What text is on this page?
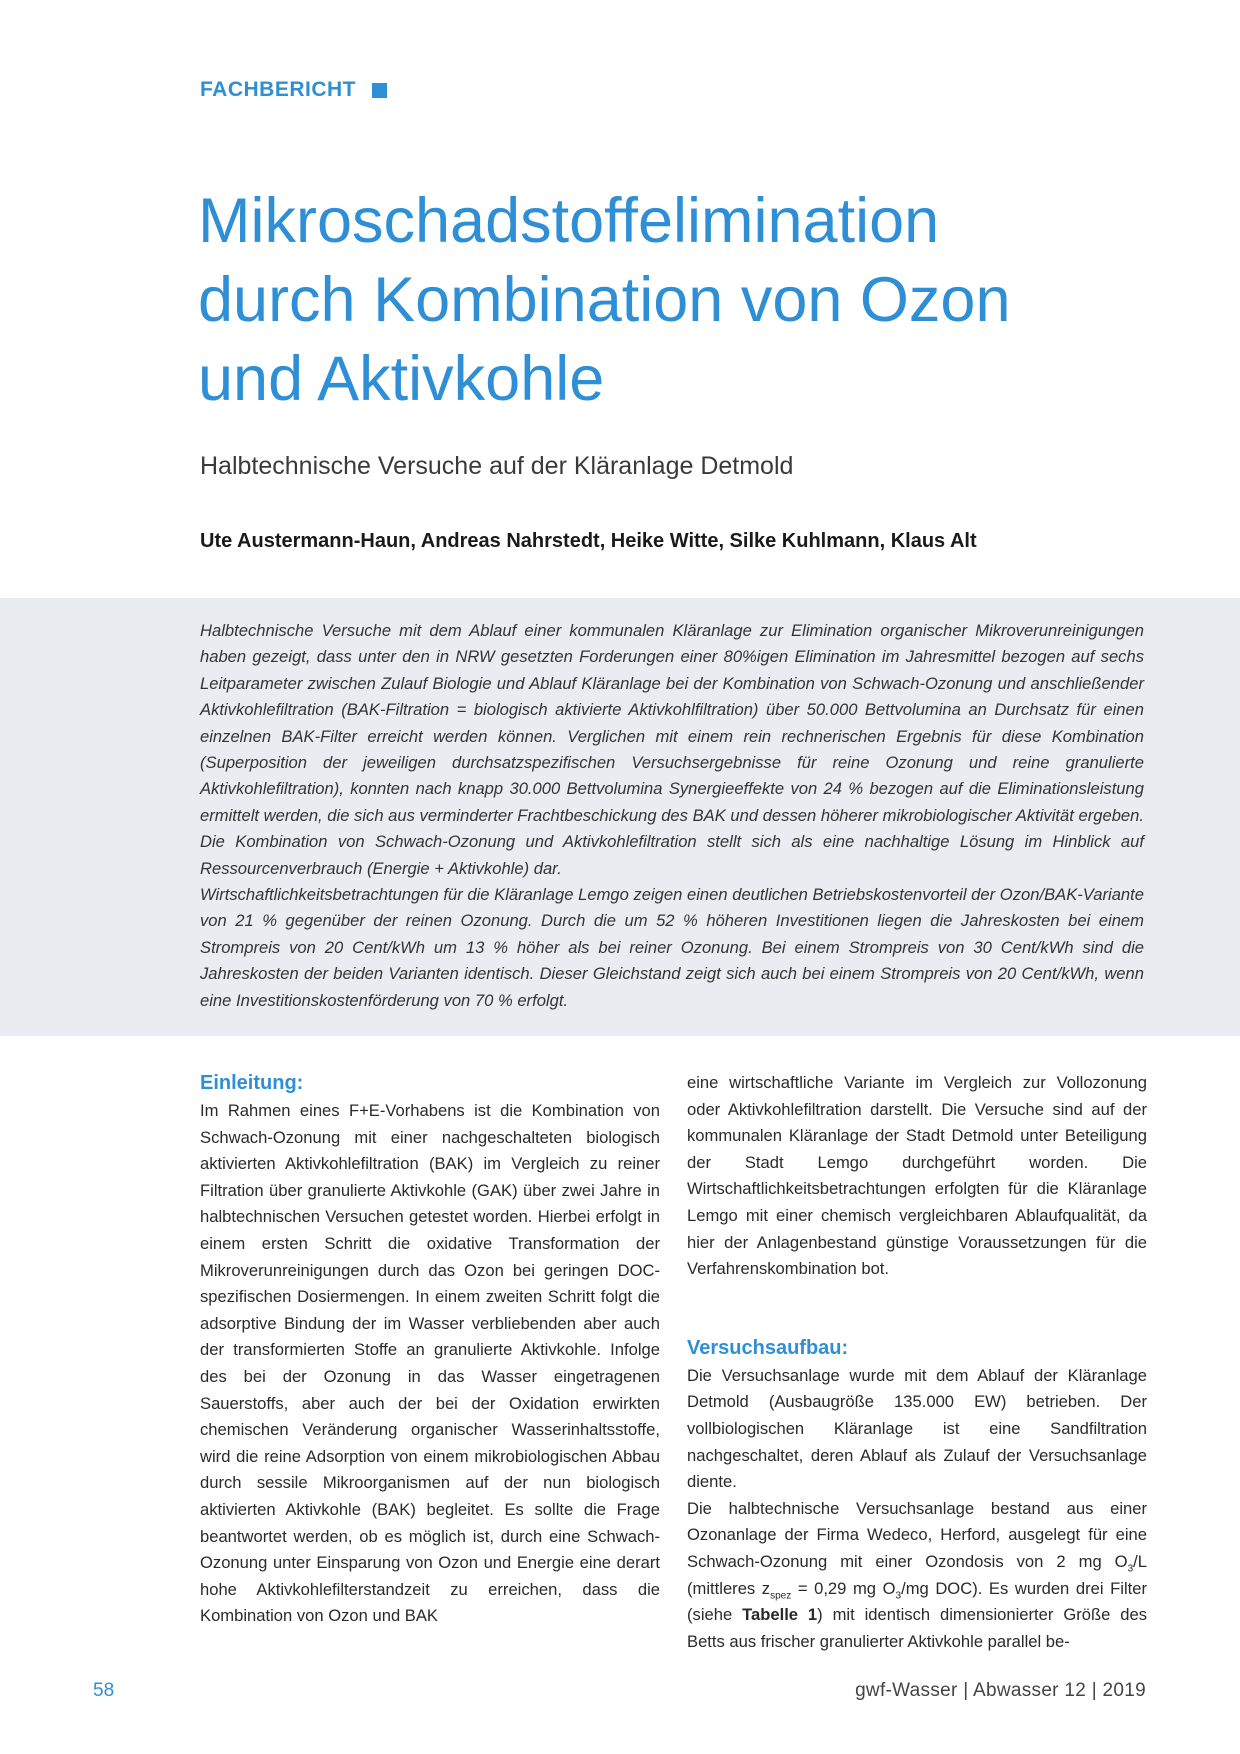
FACHBERICHT
Mikroschadstoffelimination
durch Kombination von Ozon
und Aktivkohle
Halbtechnische Versuche auf der Kläranlage Detmold

Ute Austermann-Haun, Andreas Nahrstedt, Heike Witte, Silke Kuhlmann, Klaus Alt

Halbtechnische Versuche mit dem Ablauf einer kommunalen Kläranlage zur Elimination organischer Mikroverunreinigungen haben gezeigt, dass unter den in NRW gesetzten Forderungen einer 80%igen Elimination im Jahresmittel bezogen auf sechs Leitparameter zwischen Zulauf Biologie und Ablauf Kläranlage bei der Kombination von Schwach-Ozonung und anschließender Aktivkohlefiltration (BAK-Filtration = biologisch aktivierte Aktivkohlfiltration) über 50.000 Bettvolumina an Durchsatz für einen einzelnen BAK-Filter erreicht werden können. Verglichen mit einem rein rechnerischen Ergebnis für diese Kombination (Superposition der jeweiligen durchsatzspezifischen Versuchsergebnisse für reine Ozonung und reine granulierte Aktivkohlefiltration), konnten nach knapp 30.000 Bettvolumina Synergieeffekte von 24 % bezogen auf die Eliminationsleistung ermittelt werden, die sich aus verminderter Frachtbeschickung des BAK und dessen höherer mikrobiologischer Aktivität ergeben. Die Kombination von Schwach-Ozonung und Aktivkohlefiltration stellt sich als eine nachhaltige Lösung im Hinblick auf Ressourcenverbrauch (Energie + Aktivkohle) dar.

Wirtschaftlichkeitsbetrachtungen für die Kläranlage Lemgo zeigen einen deutlichen Betriebskostenvorteil der Ozon/BAK-Variante von 21 % gegenüber der reinen Ozonung. Durch die um 52 % höheren Investitionen liegen die Jahreskosten bei einem Strompreis von 20 Cent/kWh um 13 % höher als bei reiner Ozonung. Bei einem Strompreis von 30 Cent/kWh sind die Jahreskosten der beiden Varianten identisch. Dieser Gleichstand zeigt sich auch bei einem Strompreis von 20 Cent/kWh, wenn eine Investitionskostenförderung von 70 % erfolgt.

Einleitung:

Im Rahmen eines F+E-Vorhabens ist die Kombination von Schwach-Ozonung mit einer nachgeschalteten biologisch aktivierten Aktivkohlefiltration (BAK) im Vergleich zu reiner Filtration über granulierte Aktivkohle (GAK) über zwei Jahre in halbtechnischen Versuchen getestet worden. Hierbei erfolgt in einem ersten Schritt die oxidative Transformation der Mikroverunreinigungen durch das Ozon bei geringen DOC-spezifischen Dosiermengen. In einem zweiten Schritt folgt die adsorptive Bindung der im Wasser verbliebenden aber auch der transformierten Stoffe an granulierte Aktivkohle. Infolge des bei der Ozonung in das Wasser eingetragenen Sauerstoffs, aber auch der bei der Oxidation erwirkten chemischen Veränderung organischer Wasserinhaltsstoffe, wird die reine Adsorption von einem mikrobiologischen Abbau durch sessile Mikroorganismen auf der nun biologisch aktivierten Aktivkohle (BAK) begleitet. Es sollte die Frage beantwortet werden, ob es möglich ist, durch eine Schwach-Ozonung unter Einsparung von Ozon und Energie eine derart hohe Aktivkohlefilterstandzeit zu erreichen, dass die Kombination von Ozon und BAK

eine wirtschaftliche Variante im Vergleich zur Vollozonung oder Aktivkohlefiltration darstellt. Die Versuche sind auf der kommunalen Kläranlage der Stadt Detmold unter Beteiligung der Stadt Lemgo durchgeführt worden. Die Wirtschaftlichkeitsbetrachtungen erfolgten für die Kläranlage Lemgo mit einer chemisch vergleichbaren Ablaufqualität, da hier der Anlagenbestand günstige Voraussetzungen für die Verfahrenskombination bot.

Versuchsaufbau:

Die Versuchsanlage wurde mit dem Ablauf der Kläranlage Detmold (Ausbaugröße 135.000 EW) betrieben. Der vollbiologischen Kläranlage ist eine Sandfiltration nachgeschaltet, deren Ablauf als Zulauf der Versuchsanlage diente.

Die halbtechnische Versuchsanlage bestand aus einer Ozonanlage der Firma Wedeco, Herford, ausgelegt für eine Schwach-Ozonung mit einer Ozondosis von 2 mg $O_3/L$ (mittleres $z_{spez} = 0,29$ mg $O_3/mg$ DOC). Es wurden drei Filter (siehe Tabelle 1) mit identisch dimensionierter Größe des Betts aus frischer granulierter Aktivkohle parallel be-

58	gwf-Wasser | Abwasser 12 | 2019
